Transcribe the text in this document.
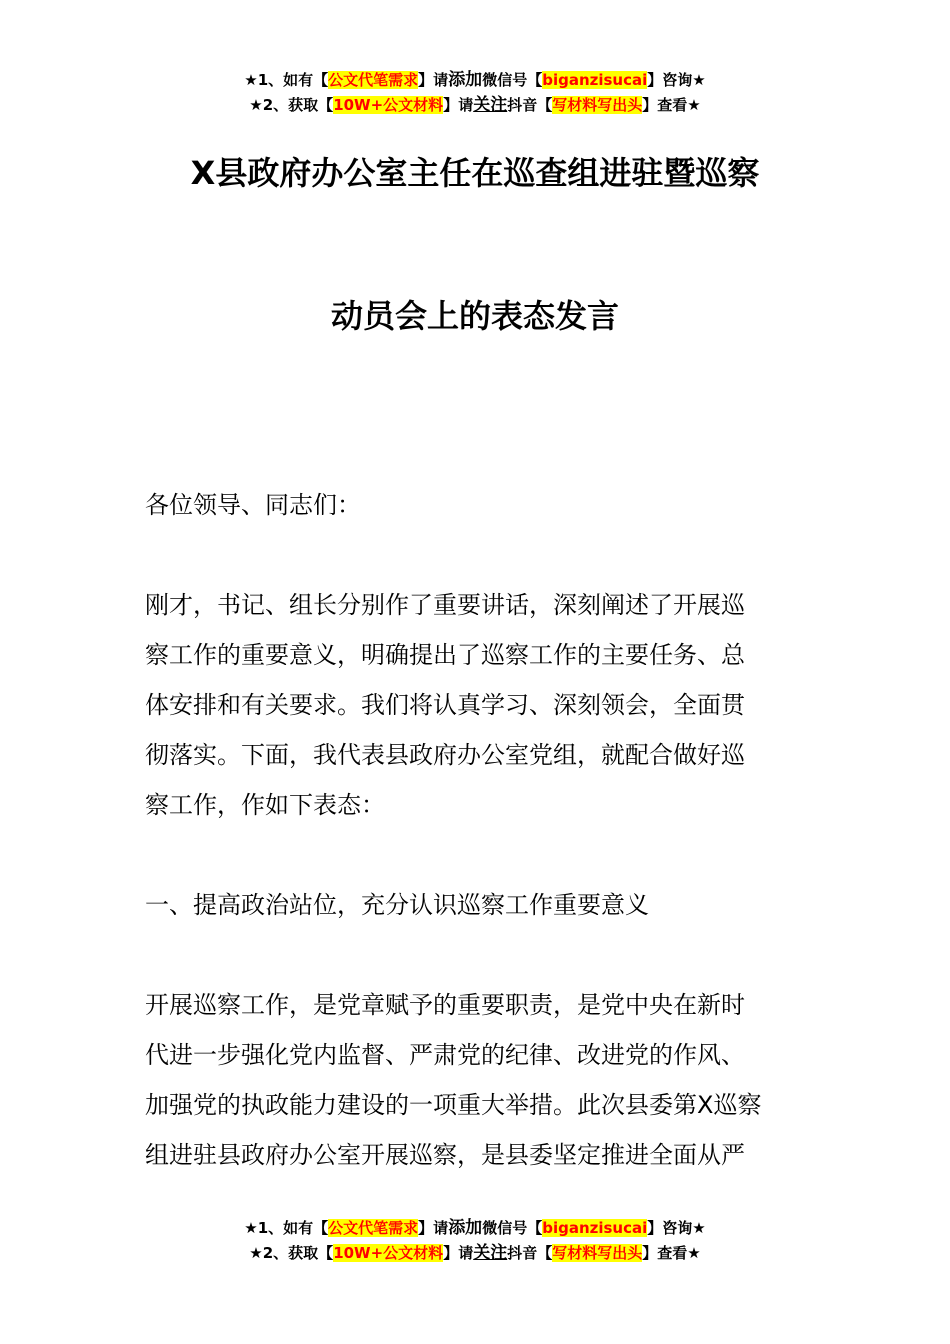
★1、如有【公文代笔需求】请添加微信号【biganzisucai】咨询★
★2、获取【10W+公文材料】请关注抖音【写材料写出头】查看★
X县政府办公室主任在巡查组进驻暨巡察
动员会上的表态发言

各位领导、同志们：

刚才，书记、组长分别作了重要讲话，深刻阐述了开展巡

察工作的重要意义，明确提出了巡察工作的主要任务、总

体安排和有关要求。我们将认真学习、深刻领会，全面贯

彻落实。下面，我代表县政府办公室党组，就配合做好巡

察工作，作如下表态：

一、提高政治站位，充分认识巡察工作重要意义

开展巡察工作，是党章赋予的重要职责，是党中央在新时

代进一步强化党内监督、严肃党的纪律、改进党的作风、

加强党的执政能力建设的一项重大举措。此次县委第X巡察

组进驻县政府办公室开展巡察，是县委坚定推进全面从严

★1、如有【公文代笔需求】请添加微信号【biganzisucai】咨询★
★2、获取【10W+公文材料】请关注抖音【写材料写出头】查看★
